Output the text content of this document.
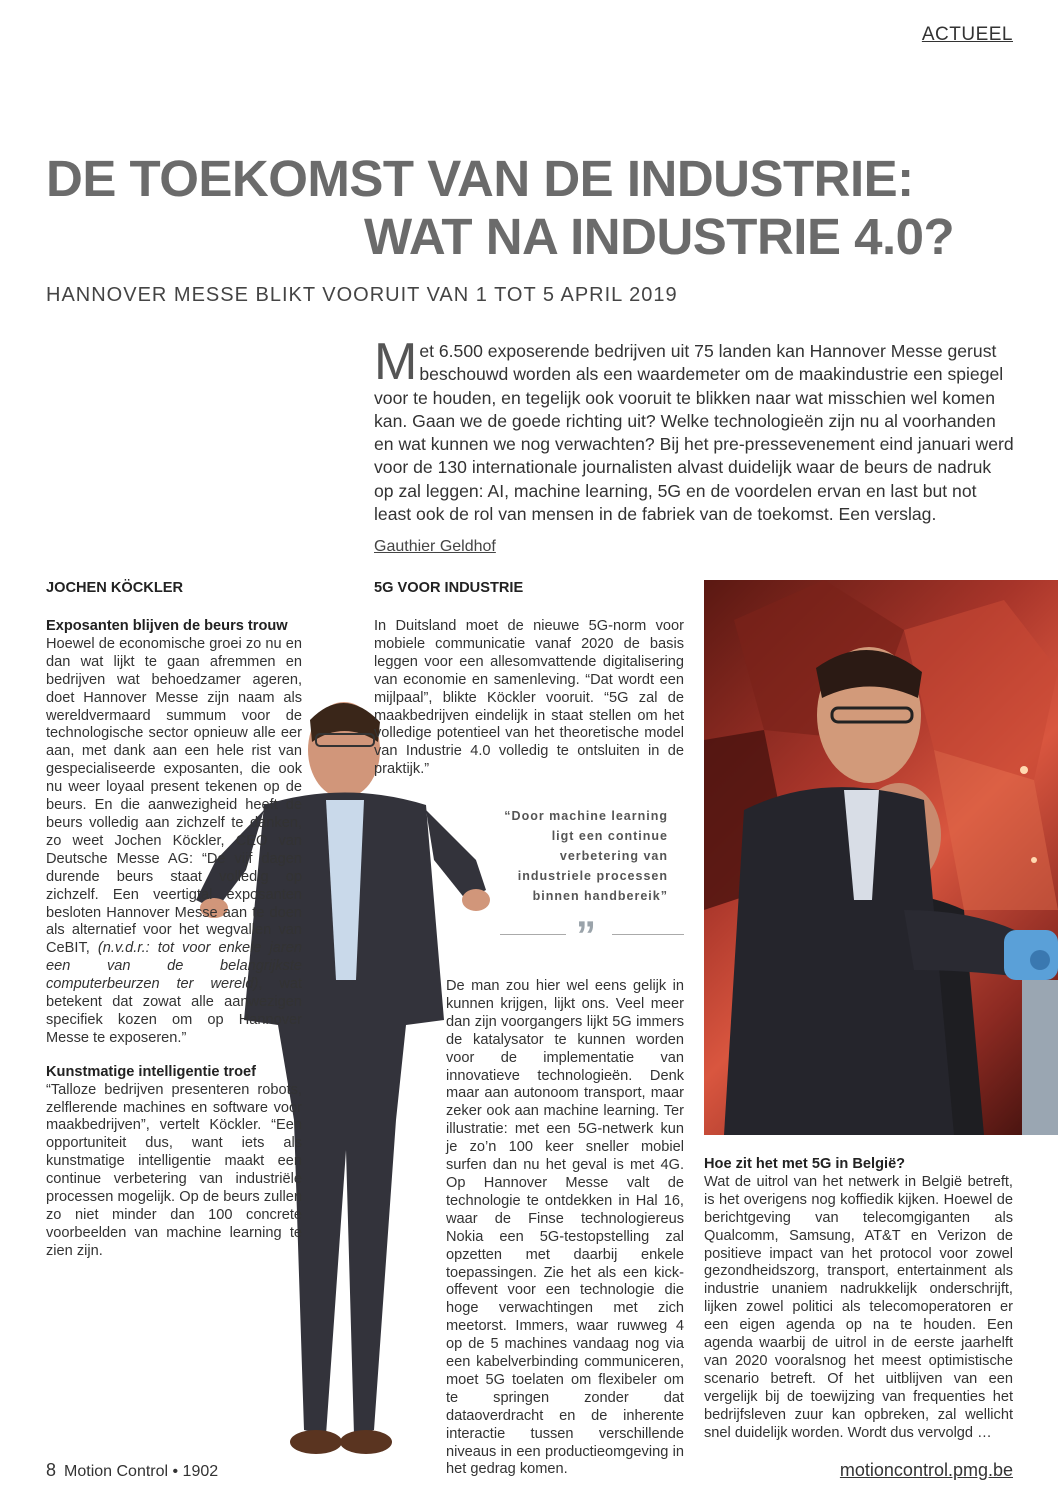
ACTUEEL
DE TOEKOMST VAN DE INDUSTRIE:
WAT NA INDUSTRIE 4.0?
HANNOVER MESSE BLIKT VOORUIT VAN 1 TOT 5 APRIL 2019
Met 6.500 exposerende bedrijven uit 75 landen kan Hannover Messe gerust beschouwd worden als een waardemeter om de maakindustrie een spiegel voor te houden, en tegelijk ook vooruit te blikken naar wat misschien wel komen kan. Gaan we de goede richting uit? Welke technologieën zijn nu al voorhanden en wat kunnen we nog verwachten? Bij het pre-pressevenement eind januari werd voor de 130 internationale journalisten alvast duidelijk waar de beurs de nadruk op zal leggen: AI, machine learning, 5G en de voordelen ervan en last but not least ook de rol van mensen in de fabriek van de toekomst. Een verslag.
Gauthier Geldhof
JOCHEN KÖCKLER
Exposanten blijven de beurs trouw

Hoewel de economische groei zo nu en dan wat lijkt te gaan afremmen en bedrijven wat behoedzamer ageren, doet Hannover Messe zijn naam als wereldvermaard summum voor de technologische sector opnieuw alle eer aan, met dank aan een hele rist van gespecialiseerde exposanten, die ook nu weer loyaal present tekenen op de beurs. En die aanwezigheid heeft de beurs volledig aan zichzelf te danken, zo weet Jochen Köckler, CEO van Deutsche Messe AG: “De vijf dagen durende beurs staat volledig op zichzelf. Een veertigtal exposanten besloten Hannover Messe aan te doen als alternatief voor het wegvallen van CeBIT, (n.v.d.r.: tot voor enkele jaren een van de belangrijkste computerbeurzen ter wereld), wat betekent dat zowat alle aanwezigen specifiek kozen om op Hannover Messe te exposeren.”

Kunstmatige intelligentie troef

“Talloze bedrijven presenteren robots, zelflerende machines en software voor maakbedrijven”, vertelt Köckler. “Een opportuniteit dus, want iets als kunstmatige intelligentie maakt een continue verbetering van industriële processen mogelijk. Op de beurs zullen zo niet minder dan 100 concrete voorbeelden van machine learning te zien zijn.

5G VOOR INDUSTRIE

In Duitsland moet de nieuwe 5G-norm voor mobiele communicatie vanaf 2020 de basis leggen voor een allesomvattende digitalisering van economie en samenleving. “Dat wordt een mijlpaal”, blikte Köckler vooruit. “5G zal de maakbedrijven eindelijk in staat stellen om het volledige potentieel van het theoretische model van Industrie 4.0 volledig te ontsluiten in de praktijk.”

“Door machine learning
ligt een continue
verbetering van
industriele processen
binnen handbereik”
”

De man zou hier wel eens gelijk in kunnen krijgen, lijkt ons. Veel meer dan zijn voorgangers lijkt 5G immers de katalysator te kunnen worden voor de implementatie van innovatieve technologieën. Denk maar aan autonoom transport, maar zeker ook aan machine learning. Ter illustratie: met een 5G-netwerk kun je zo’n 100 keer sneller mobiel surfen dan nu het geval is met 4G. Op Hannover Messe valt de technologie te ontdekken in Hal 16, waar de Finse technologiereus Nokia een 5G-testopstelling zal opzetten met daarbij enkele toepassingen. Zie het als een kick-offevent voor een technologie die hoge verwachtingen met zich meetorst. Immers, waar ruwweg 4 op de 5 machines vandaag nog via een kabelverbinding communiceren, moet 5G toelaten om flexibeler om te springen zonder dat dataoverdracht en de inherente interactie tussen verschillende niveaus in een productieomgeving in het gedrag komen.

Hoe zit het met 5G in België?

Wat de uitrol van het netwerk in België betreft, is het overigens nog koffiedik kijken. Hoewel de berichtgeving van telecomgiganten als Qualcomm, Samsung, AT&T en Verizon de positieve impact van het protocol voor zowel gezondheidszorg, transport, entertainment als industrie unaniem nadrukkelijk onderschrijft, lijken zowel politici als telecomoperatoren er een eigen agenda op na te houden. Een agenda waarbij de uitrol in de eerste jaarhelft van 2020 vooralsnog het meest optimistische scenario betreft. Of het uitblijven van een vergelijk bij de toewijzing van frequenties het bedrijfsleven zuur kan opbreken, zal wellicht snel duidelijk worden. Wordt dus vervolgd …

8 Motion Control • 1902	motioncontrol.pmg.be
